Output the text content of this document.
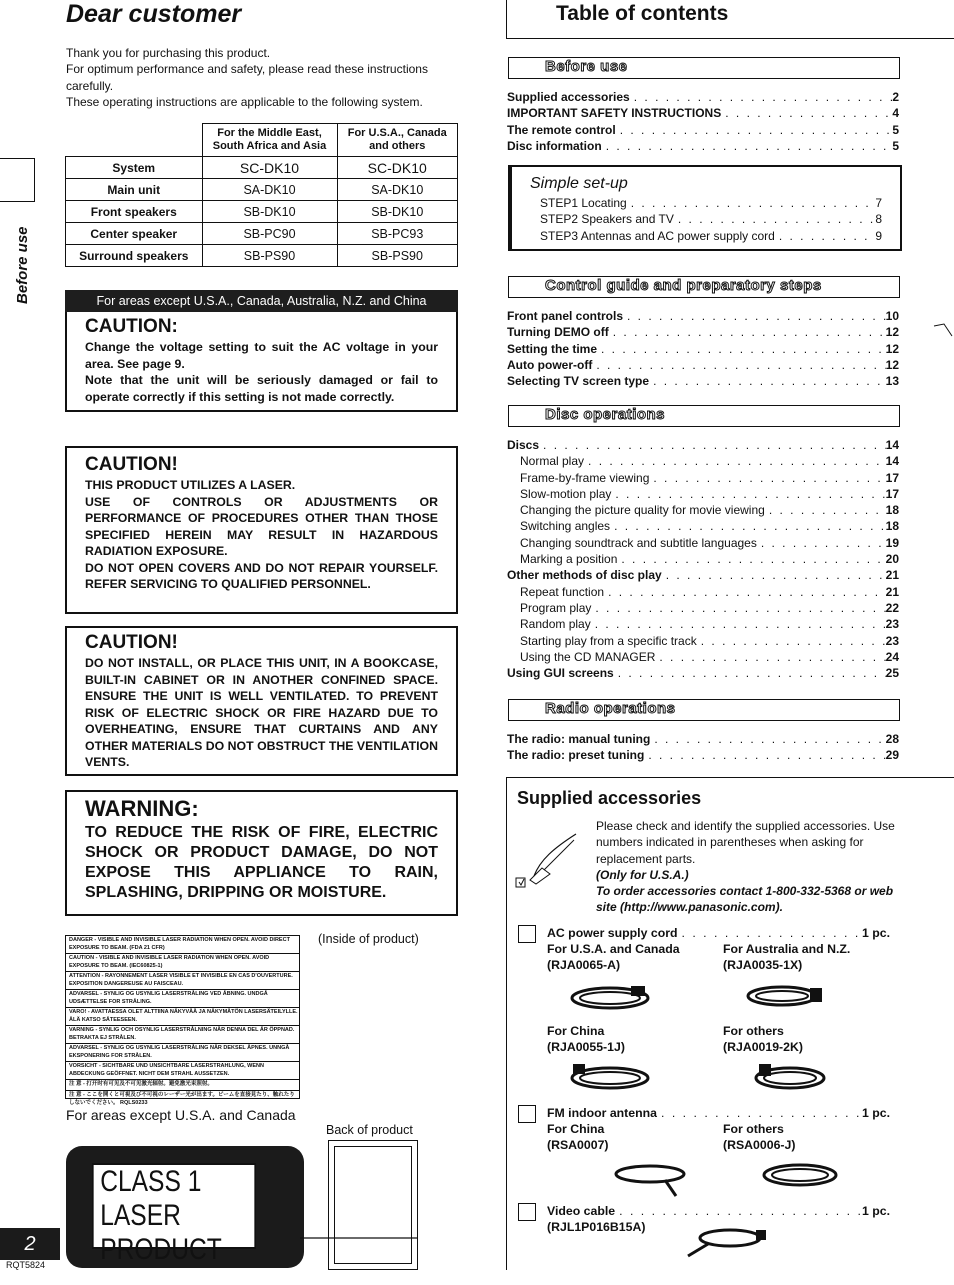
Before use
Dear customer

Thank you for purchasing this product.

For optimum performance and safety, please read these instructions carefully.

These operating instructions are applicable to the following system.

	For the Middle East, South Africa and Asia	For U.S.A., Canada and others
System	SC-DK10	SC-DK10
Main unit	SA-DK10	SA-DK10
Front speakers	SB-DK10	SB-DK10
Center speaker	SB-PC90	SB-PC93
Surround speakers	SB-PS90	SB-PS90
For areas except U.S.A., Canada, Australia, N.Z. and China

CAUTION:

Change the voltage setting to suit the AC voltage in your area. See page 9.

Note that the unit will be seriously damaged or fail to operate correctly if this setting is not made correctly.

CAUTION!

THIS PRODUCT UTILIZES A LASER.

USE OF CONTROLS OR ADJUSTMENTS OR PERFORMANCE OF PROCEDURES OTHER THAN THOSE SPECIFIED HEREIN MAY RESULT IN HAZARDOUS RADIATION EXPOSURE.

DO NOT OPEN COVERS AND DO NOT REPAIR YOURSELF. REFER SERVICING TO QUALIFIED PERSONNEL.

CAUTION!

DO NOT INSTALL, OR PLACE THIS UNIT, IN A BOOKCASE, BUILT-IN CABINET OR IN ANOTHER CONFINED SPACE. ENSURE THE UNIT IS WELL VENTILATED. TO PREVENT RISK OF ELECTRIC SHOCK OR FIRE HAZARD DUE TO OVERHEATING, ENSURE THAT CURTAINS AND ANY OTHER MATERIALS DO NOT OBSTRUCT THE VENTILATION VENTS.

WARNING:

TO REDUCE THE RISK OF FIRE, ELECTRIC SHOCK OR PRODUCT DAMAGE, DO NOT EXPOSE THIS APPLIANCE TO RAIN, SPLASHING, DRIPPING OR MOISTURE.

DANGER - VISIBLE AND INVISIBLE LASER RADIATION WHEN OPEN. AVOID DIRECT EXPOSURE TO BEAM. (FDA 21 CFR)
CAUTION - VISIBLE AND INVISIBLE LASER RADIATION WHEN OPEN. AVOID EXPOSURE TO BEAM. (IEC60825-1)
ATTENTION - RAYONNEMENT LASER VISIBLE ET INVISIBLE EN CAS D'OUVERTURE. EXPOSITION DANGEREUSE AU FAISCEAU.
ADVARSEL - SYNLIG OG USYNLIG LASERSTRÅLING VED ÅBNING. UNDGÅ UDSÆTTELSE FOR STRÅLING.
VARO! - AVATTAESSA OLET ALTTIINA NÄKYVÄÄ JA NÄKYMÄTÖN LASERSÄTEILYLLE. ÄLÄ KATSO SÄTEESEEN.
VARNING - SYNLIG OCH OSYNLIG LASERSTRÅLNING NÄR DENNA DEL ÄR ÖPPNAD. BETRAKTA EJ STRÅLEN.
ADVARSEL - SYNLIG OG USYNLIG LASERSTRÅLING NÅR DEKSEL ÅPNES. UNNGÅ EKSPONERING FOR STRÅLEN.
VORSICHT - SICHTBARE UND UNSICHTBARE LASERSTRAHLUNG, WENN ABDECKUNG GEÖFFNET. NICHT DEM STRAHL AUSSETZEN.
注 意 - 打开时有可见及不可见激光辐射。避免激光束照射。
注 意 - ここを開くと可視及び不可視のレーザー光が出ます。ビームを直接見たり、触れたりしないでください。 RQLS0233
(Inside of product)
For areas except U.S.A. and Canada
Back of product
CLASS 1
LASER PRODUCT
2
RQT5824
Table of contents
Before use
Supplied accessories . . .	2
IMPORTANT SAFETY INSTRUCTIONS . . .	4
The remote control . . .	5
Disc information . . .	5
Simple set-up
STEP1 Locating . . .	7
STEP2 Speakers and TV . . .	8
STEP3 Antennas and AC power supply cord . . .	9
Control guide and preparatory steps
Front panel controls . . .	10
Turning DEMO off . . .	12
Setting the time . . .	12
Auto power-off . . .	12
Selecting TV screen type . . .	13
Disc operations
Discs . . .	14
Normal play . . .	14
Frame-by-frame viewing . . .	17
Slow-motion play . . .	17
Changing the picture quality for movie viewing . . .	18
Switching angles . . .	18
Changing soundtrack and subtitle languages . . .	19
Marking a position . . .	20
Other methods of disc play . . .	21
Repeat function . . .	21
Program play . . .	22
Random play . . .	23
Starting play from a specific track . . .	23
Using the CD MANAGER . . .	24
Using GUI screens . . .	25
Radio operations
The radio: manual tuning . . .	28
The radio: preset tuning . . .	29
Supplied accessories

Please check and identify the supplied accessories. Use numbers indicated in parentheses when asking for replacement parts.

(Only for U.S.A.)

To order accessories contact 1-800-332-5368 or web site (http://www.panasonic.com).

AC power supply cord . . .	1 pc.
For U.S.A. and Canada
(RJA0065-A)
For Australia and N.Z.
(RJA0035-1X)
For China
(RJA0055-1J)
For others
(RJA0019-2K)
FM indoor antenna . . .	1 pc.
For China
(RSA0007)
For others
(RSA0006-J)
Video cable . . .	1 pc.
(RJL1P016B15A)
